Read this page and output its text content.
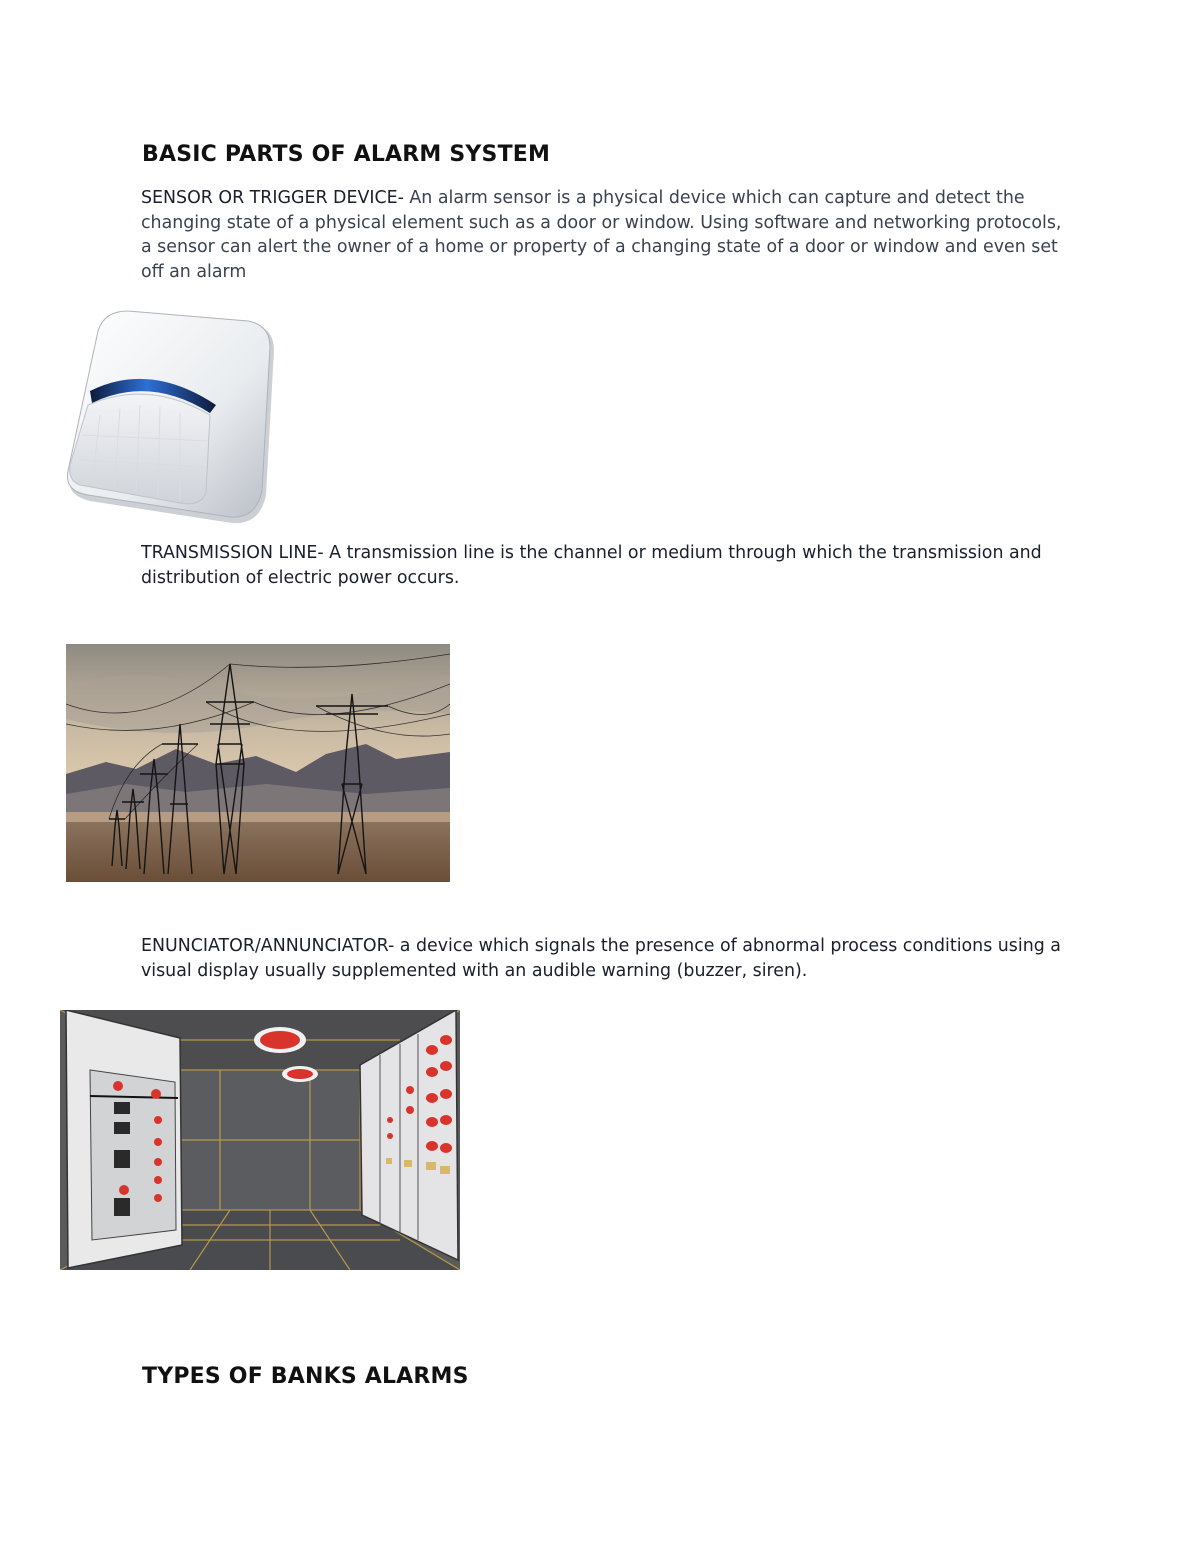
BASIC PARTS OF ALARM SYSTEM
SENSOR OR TRIGGER DEVICE- An alarm sensor is a physical device which can capture and detect the changing state of a physical element such as a door or window. Using software and networking protocols, a sensor can alert the owner of a home or property of a changing state of a door or window and even set off an alarm
TRANSMISSION LINE- A transmission line is the channel or medium through which the transmission and distribution of electric power occurs.
ENUNCIATOR/ANNUNCIATOR- a device which signals the presence of abnormal process conditions using a visual display usually supplemented with an audible warning (buzzer, siren).
TYPES OF BANKS ALARMS
